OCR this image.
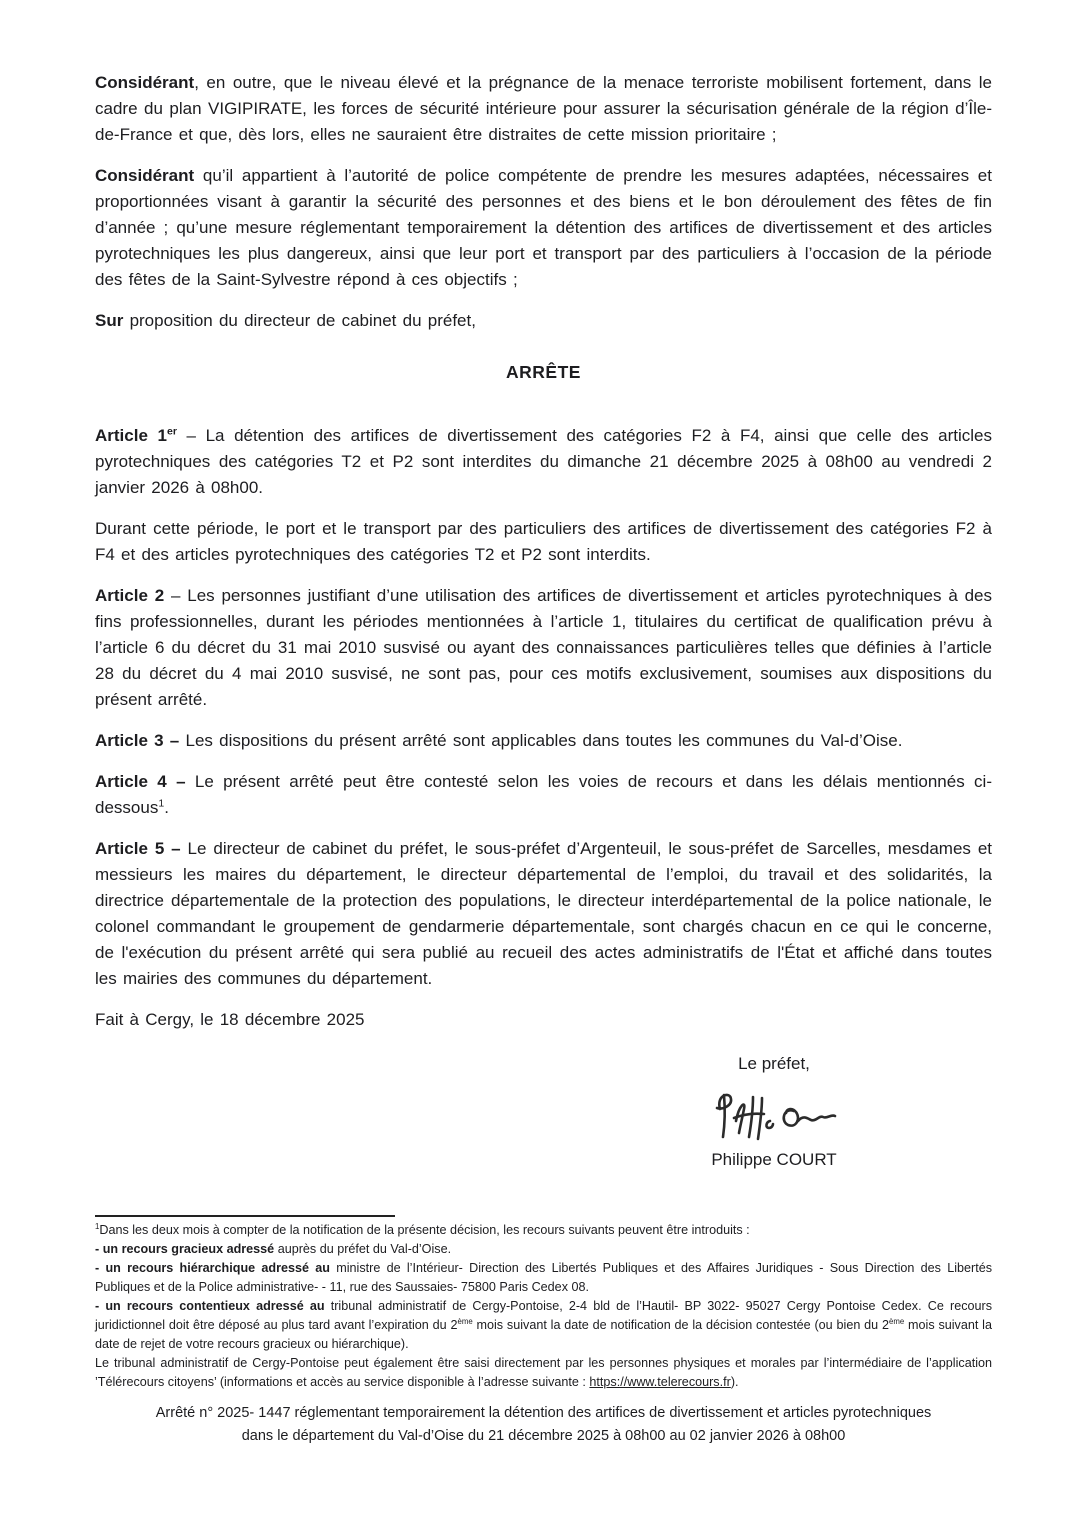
Considérant, en outre, que le niveau élevé et la prégnance de la menace terroriste mobilisent fortement, dans le cadre du plan VIGIPIRATE, les forces de sécurité intérieure pour assurer la sécurisation générale de la région d’Île-de-France et que, dès lors, elles ne sauraient être distraites de cette mission prioritaire ;

Considérant qu’il appartient à l’autorité de police compétente de prendre les mesures adaptées, nécessaires et proportionnées visant à garantir la sécurité des personnes et des biens et le bon déroulement des fêtes de fin d’année ; qu’une mesure réglementant temporairement la détention des artifices de divertissement et des articles pyrotechniques les plus dangereux, ainsi que leur port et transport par des particuliers à l’occasion de la période des fêtes de la Saint-Sylvestre répond à ces objectifs ;

Sur proposition du directeur de cabinet du préfet,

ARRÊTE

Article 1er – La détention des artifices de divertissement des catégories F2 à F4, ainsi que celle des articles pyrotechniques des catégories T2 et P2 sont interdites du dimanche 21 décembre 2025 à 08h00 au vendredi 2 janvier 2026 à 08h00.

Durant cette période, le port et le transport par des particuliers des artifices de divertissement des catégories F2 à F4 et des articles pyrotechniques des catégories T2 et P2 sont interdits.

Article 2 – Les personnes justifiant d’une utilisation des artifices de divertissement et articles pyrotechniques à des fins professionnelles, durant les périodes mentionnées à l’article 1, titulaires du certificat de qualification prévu à l’article 6 du décret du 31 mai 2010 susvisé ou ayant des connaissances particulières telles que définies à l’article 28 du décret du 4 mai 2010 susvisé, ne sont pas, pour ces motifs exclusivement, soumises aux dispositions du présent arrêté.

Article 3 – Les dispositions du présent arrêté sont applicables dans toutes les communes du Val-d’Oise.

Article 4 – Le présent arrêté peut être contesté selon les voies de recours et dans les délais mentionnés ci-dessous$^1$.

Article 5 – Le directeur de cabinet du préfet, le sous-préfet d’Argenteuil, le sous-préfet de Sarcelles, mesdames et messieurs les maires du département, le directeur départemental de l’emploi, du travail et des solidarités, la directrice départementale de la protection des populations, le directeur interdépartemental de la police nationale, le colonel commandant le groupement de gendarmerie départementale, sont chargés chacun en ce qui le concerne, de l'exécution du présent arrêté qui sera publié au recueil des actes administratifs de l'État et affiché dans toutes les mairies des communes du département.

Fait à Cergy, le 18 décembre 2025

Le préfet,
Philippe COURT

$^1$Dans les deux mois à compter de la notification de la présente décision, les recours suivants peuvent être introduits :

- un recours gracieux adressé auprès du préfet du Val-d’Oise.

- un recours hiérarchique adressé au ministre de l’Intérieur- Direction des Libertés Publiques et des Affaires Juridiques - Sous Direction des Libertés Publiques et de la Police administrative- - 11, rue des Saussaies- 75800 Paris Cedex 08.

- un recours contentieux adressé au tribunal administratif de Cergy-Pontoise, 2-4 bld de l’Hautil- BP 3022- 95027 Cergy Pontoise Cedex. Ce recours juridictionnel doit être déposé au plus tard avant l’expiration du 2ème mois suivant la date de notification de la décision contestée (ou bien du 2ème mois suivant la date de rejet de votre recours gracieux ou hiérarchique).

Le tribunal administratif de Cergy-Pontoise peut également être saisi directement par les personnes physiques et morales par l’intermédiaire de l’application ’Télérecours citoyens’ (informations et accès au service disponible à l’adresse suivante : https://www.telerecours.fr).

Arrêté n° 2025- 1447 réglementant temporairement la détention des artifices de divertissement et articles pyrotechniques
dans le département du Val-d’Oise du 21 décembre 2025 à 08h00 au 02 janvier 2026 à 08h00
